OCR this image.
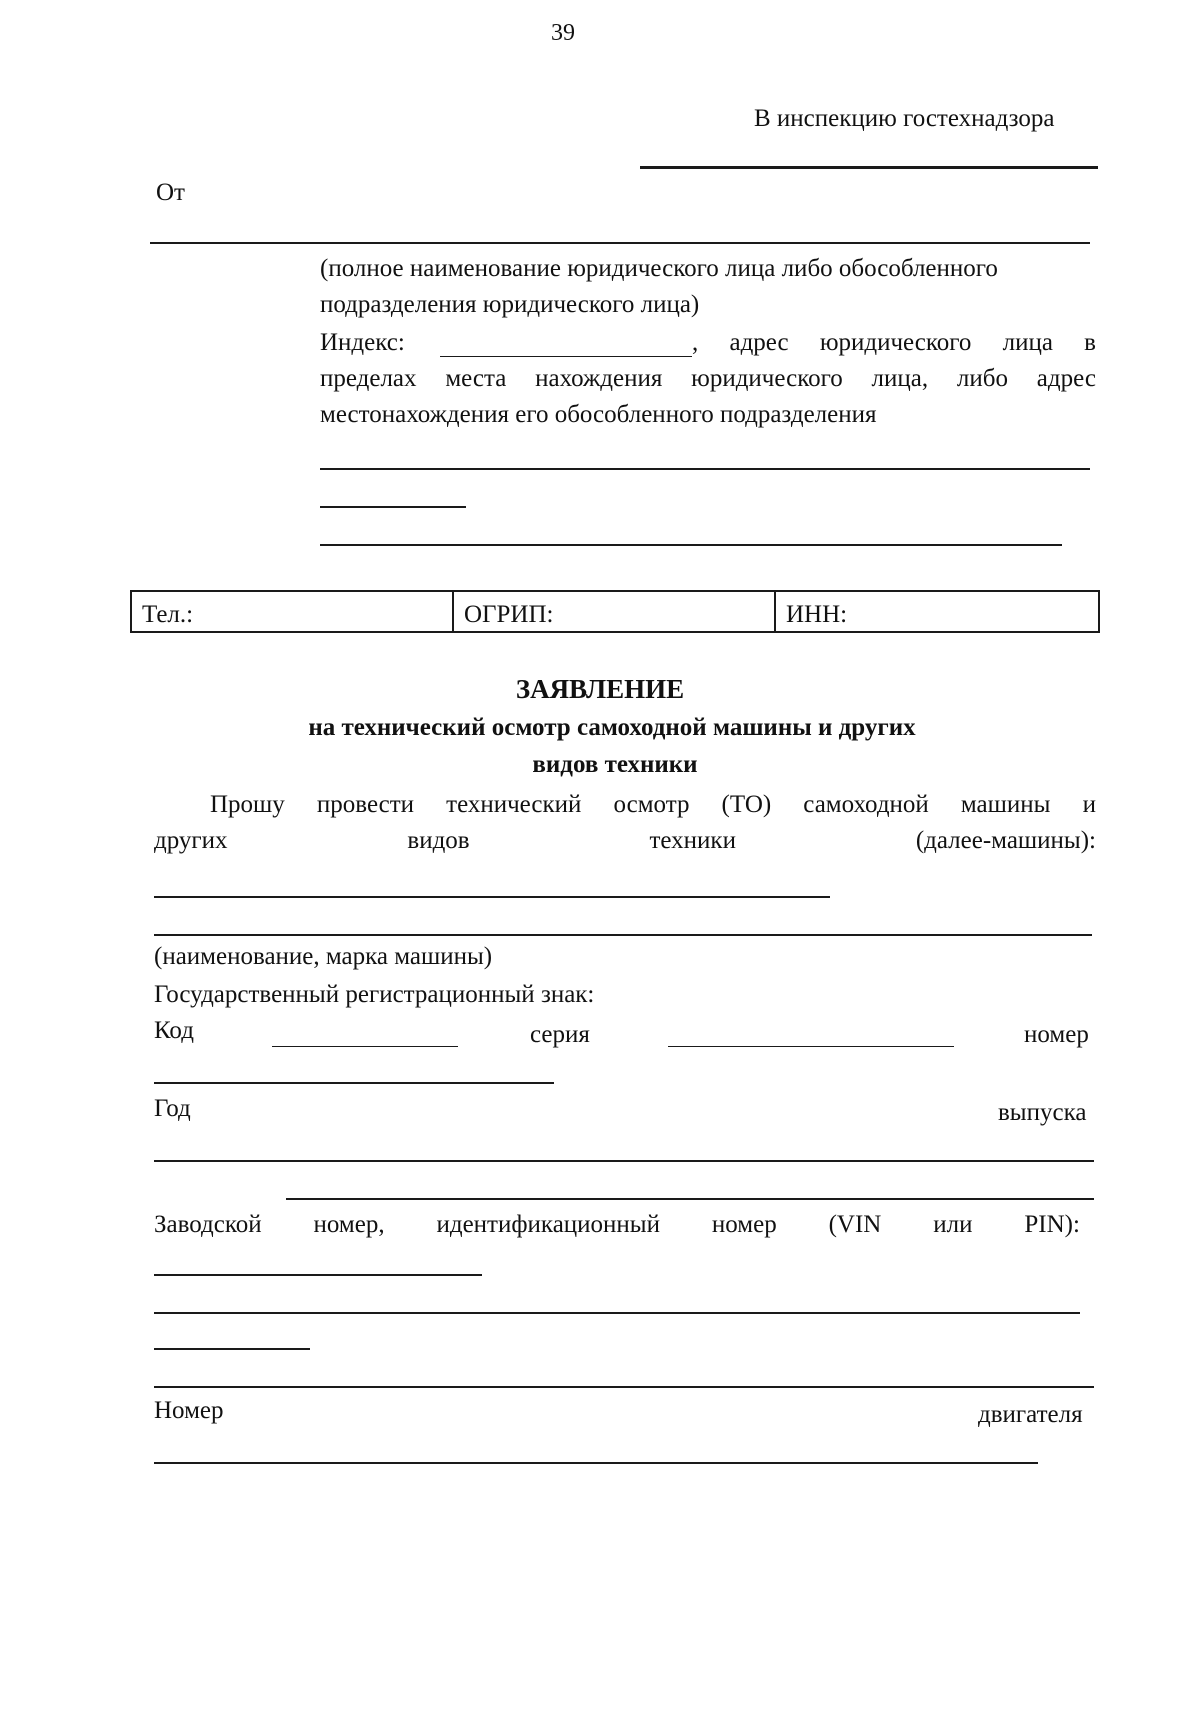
39
В инспекцию гостехнадзора
От
(полное наименование юридического лица либо обособленного
подразделения юридического лица)
Индекс:	, адрес юридического лица в
пределах места нахождения юридического лица, либо адрес
местонахождения его обособленного подразделения
Тел.:	ОГРИП:	ИНН:
ЗАЯВЛЕНИЕ
на технический осмотр самоходной машины и других
видов техники
Прошу провести технический осмотр (ТО) самоходной машины и
других	видов	техники	(далее-машины):
(наименование, марка машины)
Государственный регистрационный знак:
Код	серия	номер
Год	выпуска
Заводской номер, идентификационный номер (VIN или PIN):
Номер	двигателя
